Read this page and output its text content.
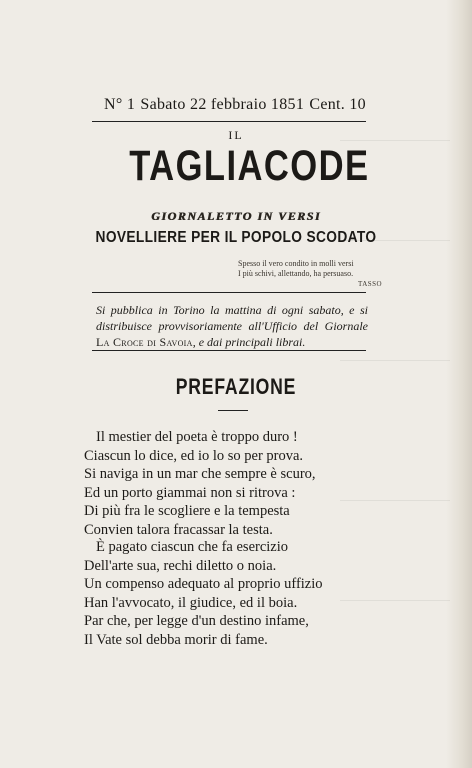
N° 1 Sabato 22 febbraio 1851 Cent. 10
IL
TAGLIACODE
GIORNALETTO IN VERSI
NOVELLIERE PER IL POPOLO SCODATO
Spesso il vero condito in molli versi
I più schivi, allettando, ha persuaso.
TASSO
Si pubblica in Torino la mattina di ogni sabato, e si distribuisce provvisoriamente all'Ufficio del Giornale La Croce di Savoia, e dai principali librai.
PREFAZIONE
Il mestier del poeta è troppo duro !
Ciascun lo dice, ed io lo so per prova.
Si naviga in un mar che sempre è scuro,
Ed un porto giammai non si ritrova :
Di più fra le scogliere e la tempesta
Convien talora fracassar la testa.
È pagato ciascun che fa esercizio
Dell'arte sua, rechi diletto o noia.
Un compenso adequato al proprio uffizio
Han l'avvocato, il giudice, ed il boia.
Par che, per legge d'un destino infame,
Il Vate sol debba morir di fame.
